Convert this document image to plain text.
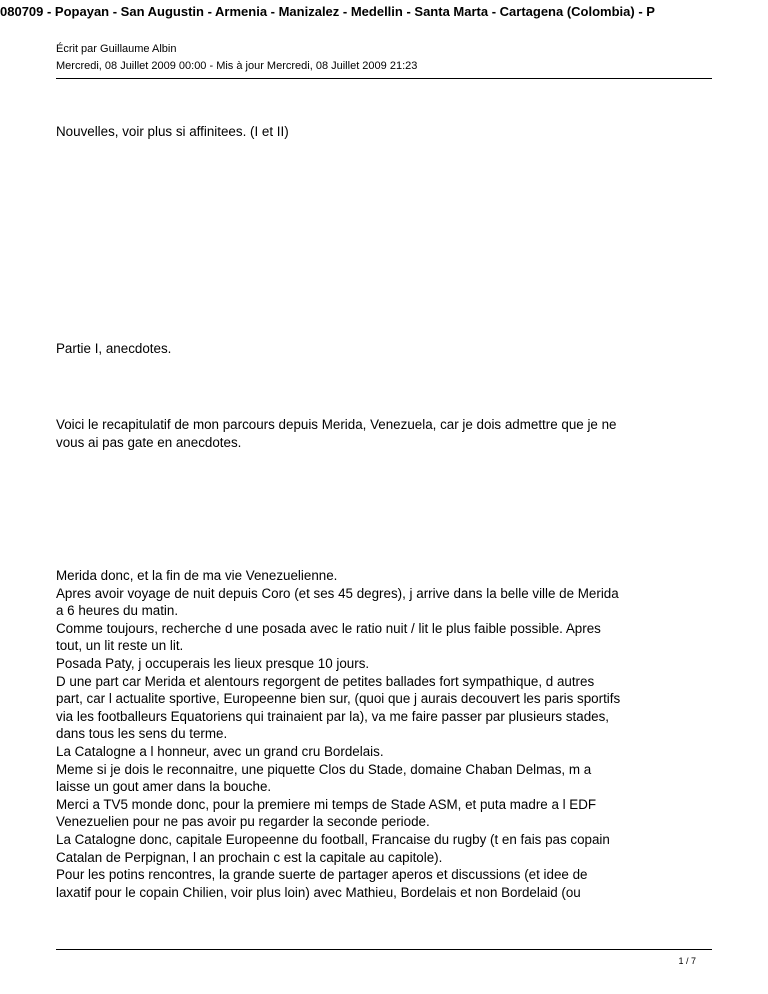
080709 - Popayan - San Augustin - Armenia - Manizalez - Medellin - Santa Marta - Cartagena (Colombia) - P
Écrit par Guillaume Albin
Mercredi, 08 Juillet 2009 00:00 - Mis à jour Mercredi, 08 Juillet 2009 21:23

Nouvelles, voir plus si affinitees. (I et II)

Partie I, anecdotes.

Voici le recapitulatif de mon parcours depuis Merida, Venezuela, car je dois admettre que je ne
vous ai pas gate en anecdotes.

Merida donc, et la fin de ma vie Venezuelienne.
Apres avoir voyage de nuit depuis Coro (et ses 45 degres), j arrive dans la belle ville de Merida
a 6 heures du matin.
Comme toujours, recherche d une posada avec le ratio nuit / lit le plus faible possible. Apres
tout, un lit reste un lit.
Posada Paty, j occuperais les lieux presque 10 jours.
D une part car Merida et alentours regorgent de petites ballades fort sympathique, d autres
part, car l actualite sportive, Europeenne bien sur, (quoi que j aurais decouvert les paris sportifs
via les footballeurs Equatoriens qui trainaient par la), va me faire passer par plusieurs stades,
dans tous les sens du terme.
La Catalogne a l honneur, avec un grand cru Bordelais.
Meme si je dois le reconnaitre, une piquette Clos du Stade, domaine Chaban Delmas, m a
laisse un gout amer dans la bouche.
Merci a TV5 monde donc, pour la premiere mi temps de Stade ASM, et puta madre a l EDF
Venezuelien pour ne pas avoir pu regarder la seconde periode.
La Catalogne donc, capitale Europeenne du football, Francaise du rugby (t en fais pas copain
Catalan de Perpignan, l an prochain c est la capitale au capitole).
Pour les potins rencontres, la grande suerte de partager aperos et discussions (et idee de
laxatif pour le copain Chilien, voir plus loin) avec Mathieu, Bordelais et non Bordelaid (ou

1 / 7
